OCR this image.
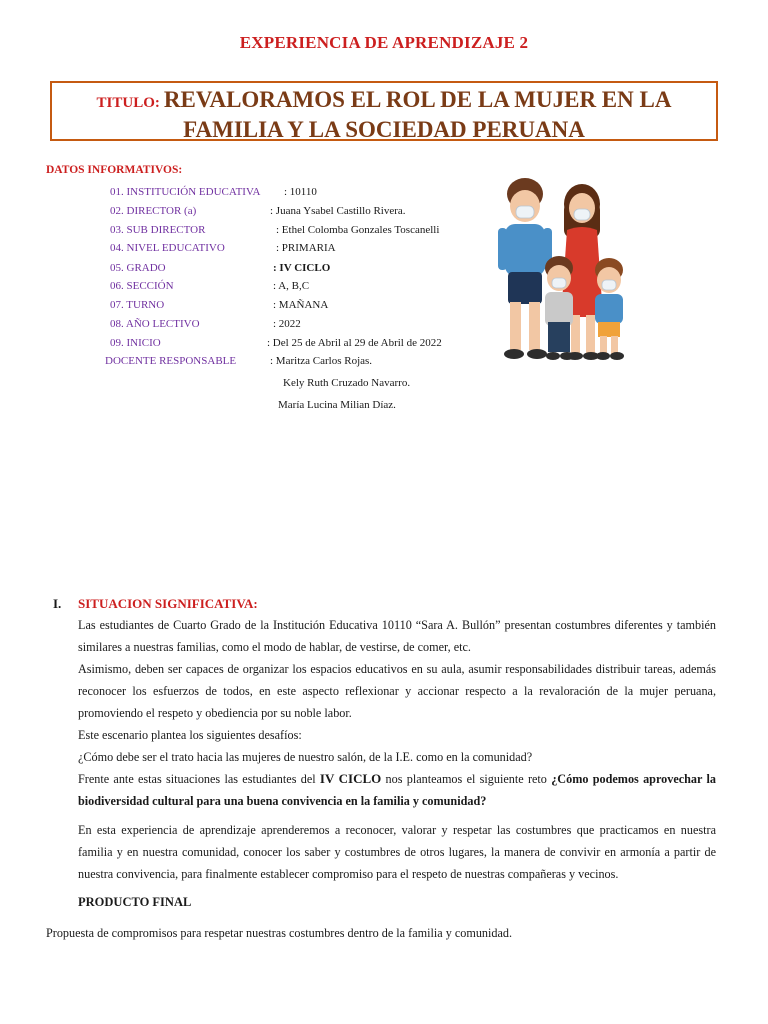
EXPERIENCIA DE APRENDIZAJE 2
TITULO: REVALORAMOS EL ROL DE LA MUJER EN LA
FAMILIA Y LA SOCIEDAD PERUANA
DATOS INFORMATIVOS:
01. INSTITUCIÓN EDUCATIVA : 10110
02. DIRECTOR (a)	: Juana Ysabel Castillo Rivera.
03. SUB DIRECTOR	: Ethel Colomba Gonzales Toscanelli
04. NIVEL EDUCATIVO	: PRIMARIA
05. GRADO	: IV CICLO
06. SECCIÓN	: A, B,C
07. TURNO	: MAÑANA
08. AÑO LECTIVO	: 2022
09. INICIO	: Del 25 de Abril al 29 de Abril de 2022
DOCENTE RESPONSABLE	: Maritza Carlos Rojas.
Kely Ruth Cruzado Navarro.
María Lucina Milian Díaz.
I. SITUACION SIGNIFICATIVA:
Las estudiantes de Cuarto Grado de la Institución Educativa 10110 “Sara A. Bullón” presentan costumbres diferentes y también similares a nuestras familias, como el modo de hablar, de vestirse, de comer, etc.
Asimismo, deben ser capaces de organizar los espacios educativos en su aula, asumir responsabilidades distribuir tareas, además reconocer los esfuerzos de todos, en este aspecto reflexionar y accionar respecto a la revaloración de la mujer peruana, promoviendo el respeto y obediencia por su noble labor.
Este escenario plantea los siguientes desafíos:
¿Cómo debe ser el trato hacia las mujeres de nuestro salón, de la I.E. como en la comunidad?
Frente ante estas situaciones las estudiantes del IV CICLO nos planteamos el siguiente reto ¿Cómo podemos aprovechar la biodiversidad cultural para una buena convivencia en la familia y comunidad?
En esta experiencia de aprendizaje aprenderemos a reconocer, valorar y respetar las costumbres que practicamos en nuestra familia y en nuestra comunidad, conocer los saber y costumbres de otros lugares, la manera de convivir en armonía a partir de nuestra convivencia, para finalmente establecer compromiso para el respeto de nuestras compañeras y vecinos.
PRODUCTO FINAL
Propuesta de compromisos para respetar nuestras costumbres dentro de la familia y comunidad.
